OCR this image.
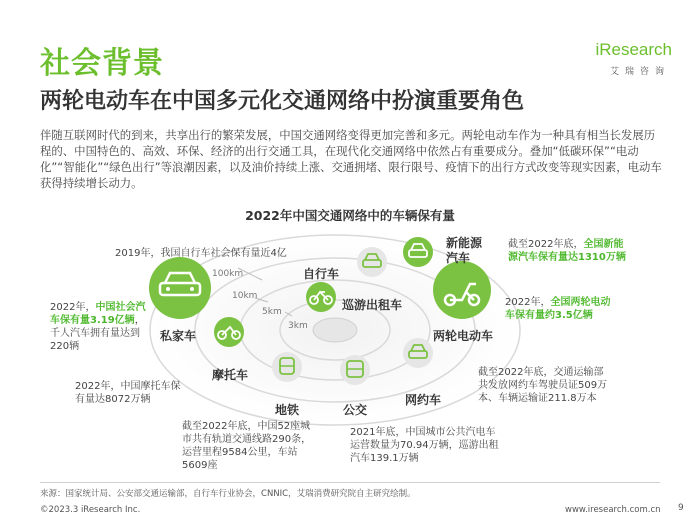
社会背景
两轮电动车在中国多元化交通网络中扮演重要角色
iResearch
艾瑞咨询
伴随互联网时代的到来，共享出行的繁荣发展，中国交通网络变得更加完善和多元。两轮电动车作为一种具有相当长发展历程的、中国特色的、高效、环保、经济的出行交通工具，在现代化交通网络中依然占有重要成分。叠加“低碳环保”“电动化”“智能化”“绿色出行”等浪潮因素，以及油价持续上涨、交通拥堵、限行限号、疫情下的出行方式改变等现实因素，电动车获得持续增长动力。
2022年中国交通网络中的车辆保有量
100km
10km
5km
3km
自行车
巡游出租车
新能源汽车
两轮电动车
私家车
摩托车
地铁	公交
网约车
2019年，我国自行车社会保有量近4亿
截至2022年底，全国新能源汽车保有量达1310万辆
2022年，全国两轮电动车保有量约3.5亿辆
2022年，中国社会汽车保有量3.19亿辆，千人汽车拥有量达到220辆
2022年，中国摩托车保有量达8072万辆
截至2022年底，交通运输部共发放网约车驾驶员证509万本、车辆运输证211.8万本
截至2022年底，中国52座城市共有轨道交通线路290条，运营里程9584公里，车站5609座
2021年底，中国城市公共汽电车运营数量为70.94万辆，巡游出租汽车139.1万辆
来源：国家统计局、公安部交通运输部，自行车行业协会，CNNIC，艾瑞消费研究院自主研究绘制。
©2023.3 iResearch Inc.	www.iresearch.com.cn 9
